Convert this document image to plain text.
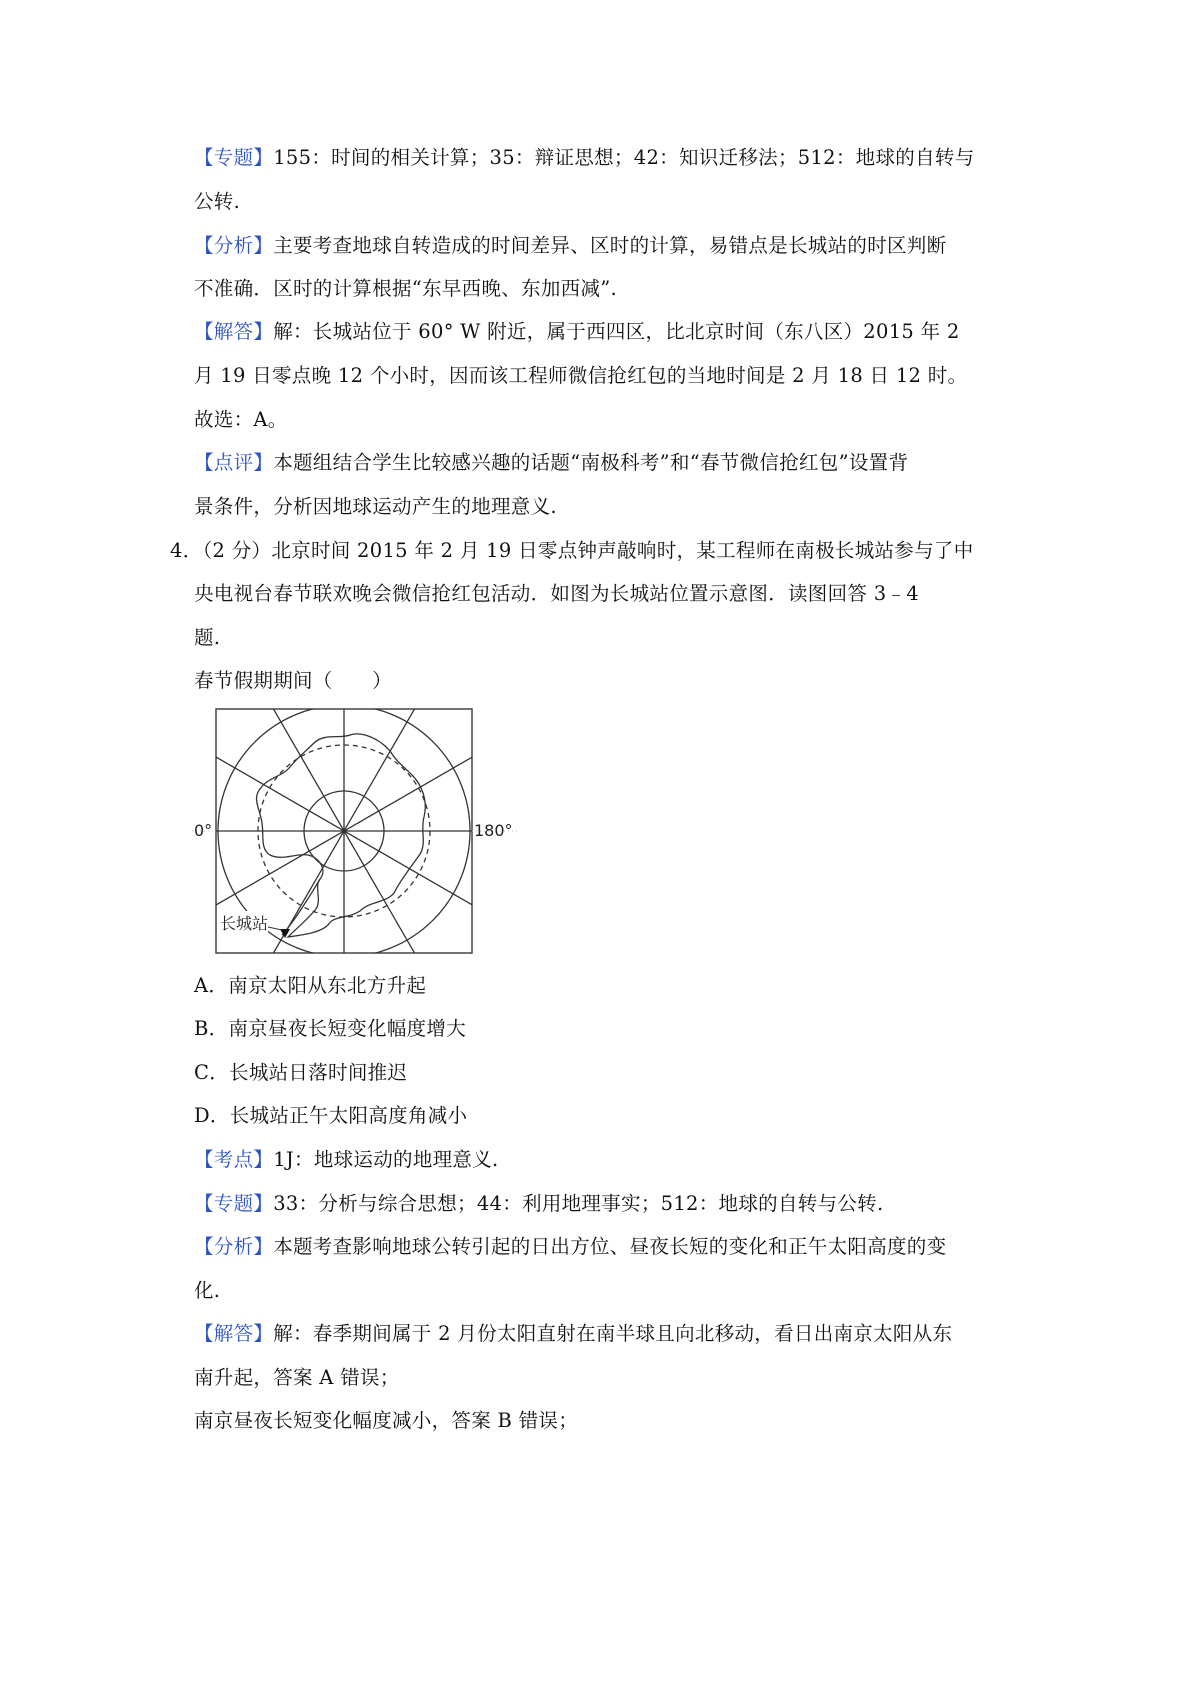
【专题】155：时间的相关计算；35：辩证思想；42：知识迁移法；512：地球的自转与
公转.
【分析】主要考查地球自转造成的时间差异、区时的计算，易错点是长城站的时区判断
不准确．区时的计算根据“东早西晚、东加西减”.
【解答】解：长城站位于 60° W 附近，属于西四区，比北京时间（东八区）2015 年 2
月 19 日零点晚 12 个小时，因而该工程师微信抢红包的当地时间是 2 月 18 日 12 时。
故选：A。
【点评】本题组结合学生比较感兴趣的话题“南极科考”和“春节微信抢红包”设置背
景条件，分析因地球运动产生的地理意义.
4．（2 分）北京时间 2015 年 2 月 19 日零点钟声敲响时，某工程师在南极长城站参与了中
央电视台春节联欢晚会微信抢红包活动．如图为长城站位置示意图．读图回答 3﹣4
题.
春节假期期间（　　）
0°	180°
长城站
A．南京太阳从东北方升起
B．南京昼夜长短变化幅度增大
C．长城站日落时间推迟
D．长城站正午太阳高度角减小
【考点】1J：地球运动的地理意义.
【专题】33：分析与综合思想；44：利用地理事实；512：地球的自转与公转.
【分析】本题考查影响地球公转引起的日出方位、昼夜长短的变化和正午太阳高度的变
化.
【解答】解：春季期间属于 2 月份太阳直射在南半球且向北移动，看日出南京太阳从东
南升起，答案 A 错误；
南京昼夜长短变化幅度减小，答案 B 错误；
